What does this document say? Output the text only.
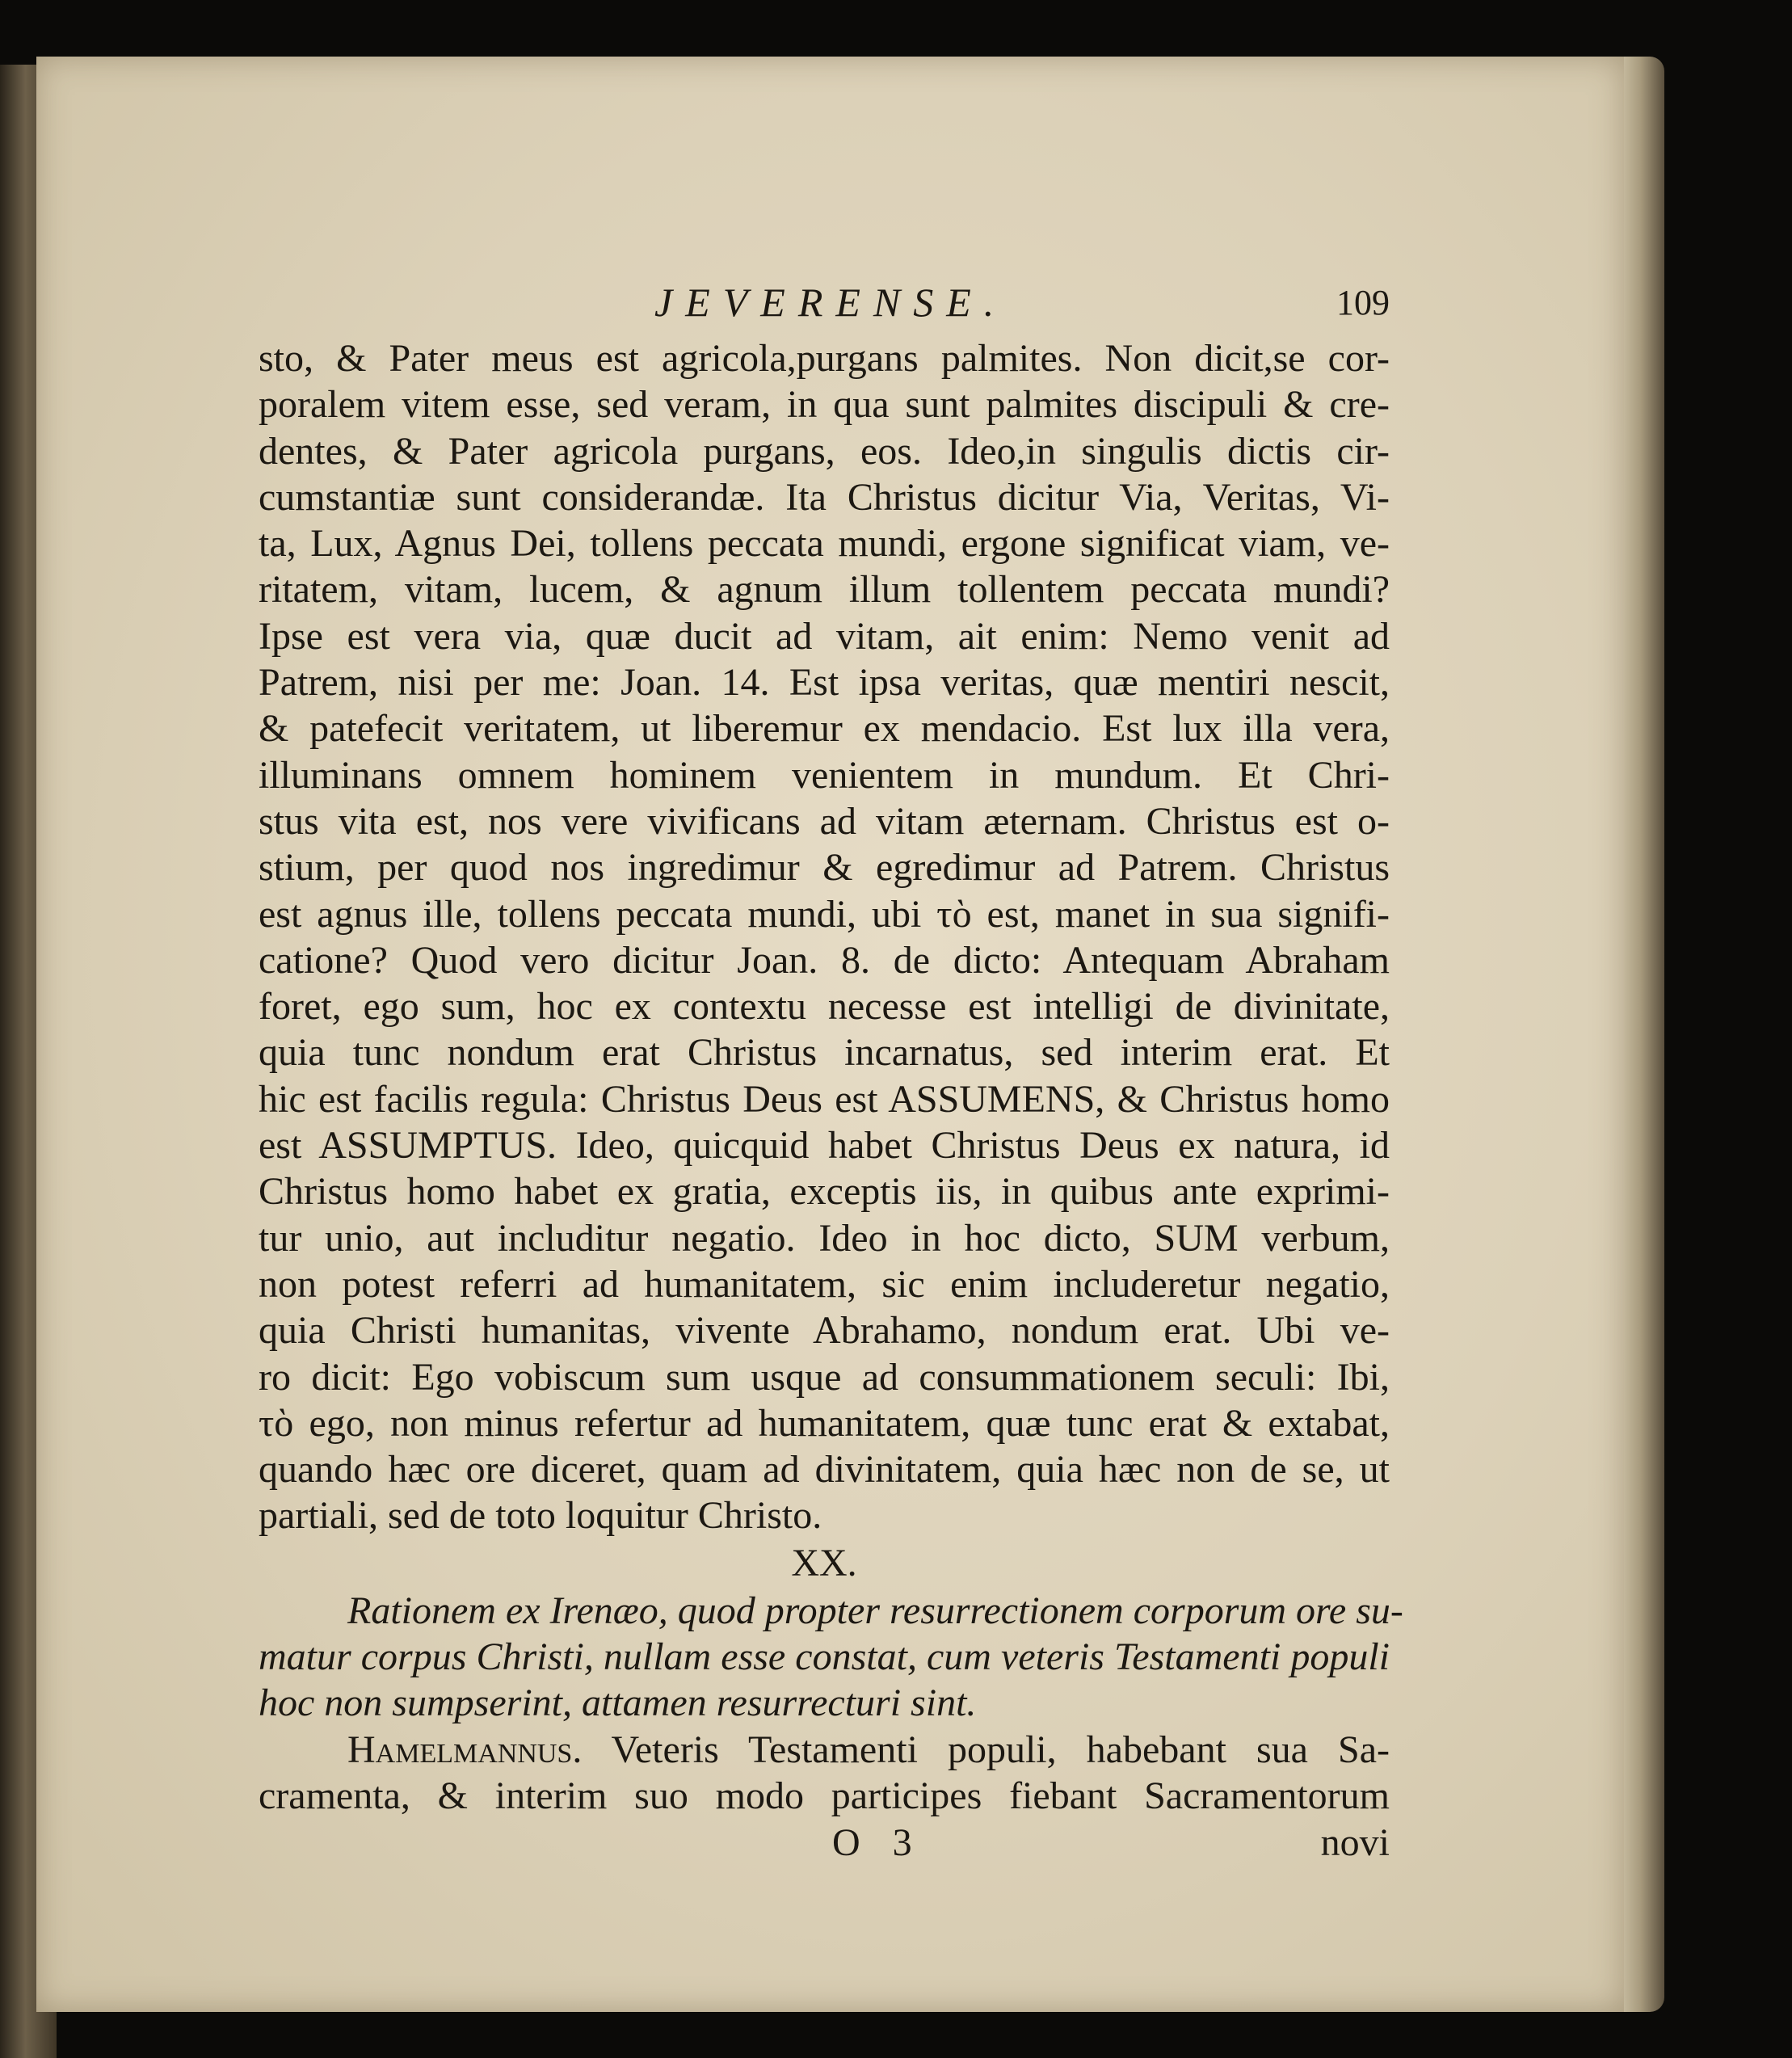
JEVERENSE.	109
sto, & Pater meus est agricola,purgans palmites. Non dicit,se cor-
poralem vitem esse, sed veram, in qua sunt palmites discipuli & cre-
dentes, & Pater agricola purgans, eos. Ideo,in singulis dictis cir-
cumstantiæ sunt considerandæ. Ita Christus dicitur Via, Veritas, Vi-
ta, Lux, Agnus Dei, tollens peccata mundi, ergone significat viam, ve-
ritatem, vitam, lucem, & agnum illum tollentem peccata mundi?
Ipse est vera via, quæ ducit ad vitam, ait enim: Nemo venit ad
Patrem, nisi per me: Joan. 14. Est ipsa veritas, quæ mentiri nescit,
& patefecit veritatem, ut liberemur ex mendacio. Est lux illa vera,
illuminans omnem hominem venientem in mundum. Et Chri-
stus vita est, nos vere vivificans ad vitam æternam. Christus est o-
stium, per quod nos ingredimur & egredimur ad Patrem. Christus
est agnus ille, tollens peccata mundi, ubi τὸ est, manet in sua signifi-
catione? Quod vero dicitur Joan. 8. de dicto: Antequam Abraham
foret, ego sum, hoc ex contextu necesse est intelligi de divinitate,
quia tunc nondum erat Christus incarnatus, sed interim erat. Et
hic est facilis regula: Christus Deus est ASSUMENS, & Christus homo
est ASSUMPTUS. Ideo, quicquid habet Christus Deus ex natura, id
Christus homo habet ex gratia, exceptis iis, in quibus ante exprimi-
tur unio, aut includitur negatio. Ideo in hoc dicto, SUM verbum,
non potest referri ad humanitatem, sic enim includeretur negatio,
quia Christi humanitas, vivente Abrahamo, nondum erat. Ubi ve-
ro dicit: Ego vobiscum sum usque ad consummationem seculi: Ibi,
τὸ ego, non minus refertur ad humanitatem, quæ tunc erat & extabat,
quando hæc ore diceret, quam ad divinitatem, quia hæc non de se, ut
partiali, sed de toto loquitur Christo.
XX.
Rationem ex Irenæo, quod propter resurrectionem corporum ore su-
matur corpus Christi, nullam esse constat, cum veteris Testamenti populi
hoc non sumpserint, attamen resurrecturi sint.
Hamelmannus. Veteris Testamenti populi, habebant sua Sa-
cramenta, & interim suo modo participes fiebant Sacramentorum
O 3	novi
